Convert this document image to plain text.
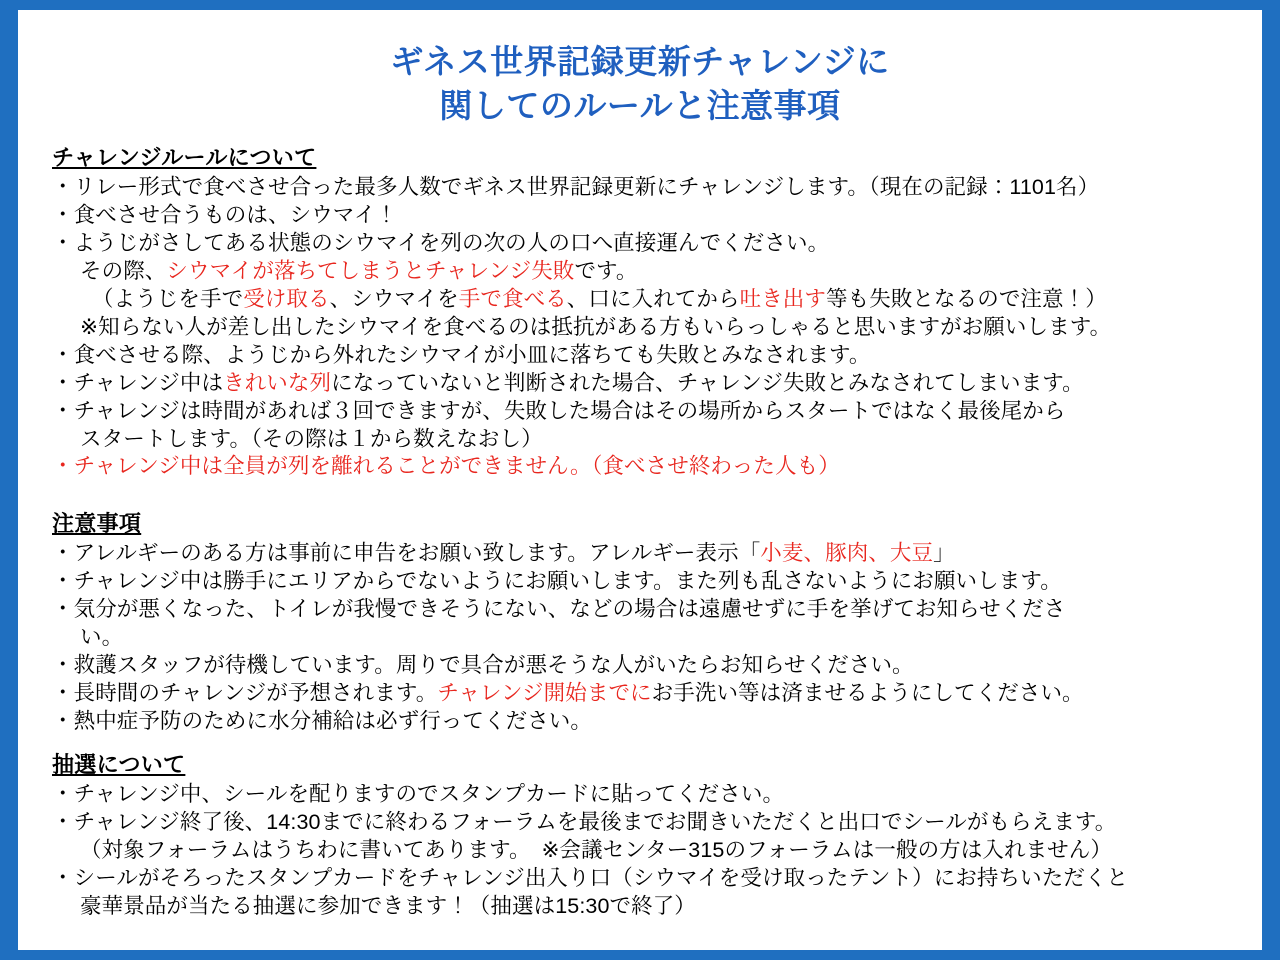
ギネス世界記録更新チャレンジに
関してのルールと注意事項
チャレンジルールについて
・リレー形式で食べさせ合った最多人数でギネス世界記録更新にチャレンジします。（現在の記録：1101名）
・食べさせ合うものは、シウマイ！
・ようじがさしてある状態のシウマイを列の次の人の口へ直接運んでください。
その際、シウマイが落ちてしまうとチャレンジ失敗です。
（ようじを手で受け取る、シウマイを手で食べる、口に入れてから吐き出す等も失敗となるので注意！）
※知らない人が差し出したシウマイを食べるのは抵抗がある方もいらっしゃると思いますがお願いします。
・食べさせる際、ようじから外れたシウマイが小皿に落ちても失敗とみなされます。
・チャレンジ中はきれいな列になっていないと判断された場合、チャレンジ失敗とみなされてしまいます。
・チャレンジは時間があれば３回できますが、失敗した場合はその場所からスタートではなく最後尾から
スタートします。（その際は１から数えなおし）
・チャレンジ中は全員が列を離れることができません。（食べさせ終わった人も）
注意事項
・アレルギーのある方は事前に申告をお願い致します。アレルギー表示「小麦、豚肉、大豆」
・チャレンジ中は勝手にエリアからでないようにお願いします。また列も乱さないようにお願いします。
・気分が悪くなった、トイレが我慢できそうにない、などの場合は遠慮せずに手を挙げてお知らせくださ
い。
・救護スタッフが待機しています。周りで具合が悪そうな人がいたらお知らせください。
・長時間のチャレンジが予想されます。チャレンジ開始までにお手洗い等は済ませるようにしてください。
・熱中症予防のために水分補給は必ず行ってください。
抽選について
・チャレンジ中、シールを配りますのでスタンプカードに貼ってください。
・チャレンジ終了後、14:30までに終わるフォーラムを最後までお聞きいただくと出口でシールがもらえます。
（対象フォーラムはうちわに書いてあります。　※会議センター315のフォーラムは一般の方は入れません）
・シールがそろったスタンプカードをチャレンジ出入り口（シウマイを受け取ったテント）にお持ちいただくと
豪華景品が当たる抽選に参加できます！（抽選は15:30で終了）
